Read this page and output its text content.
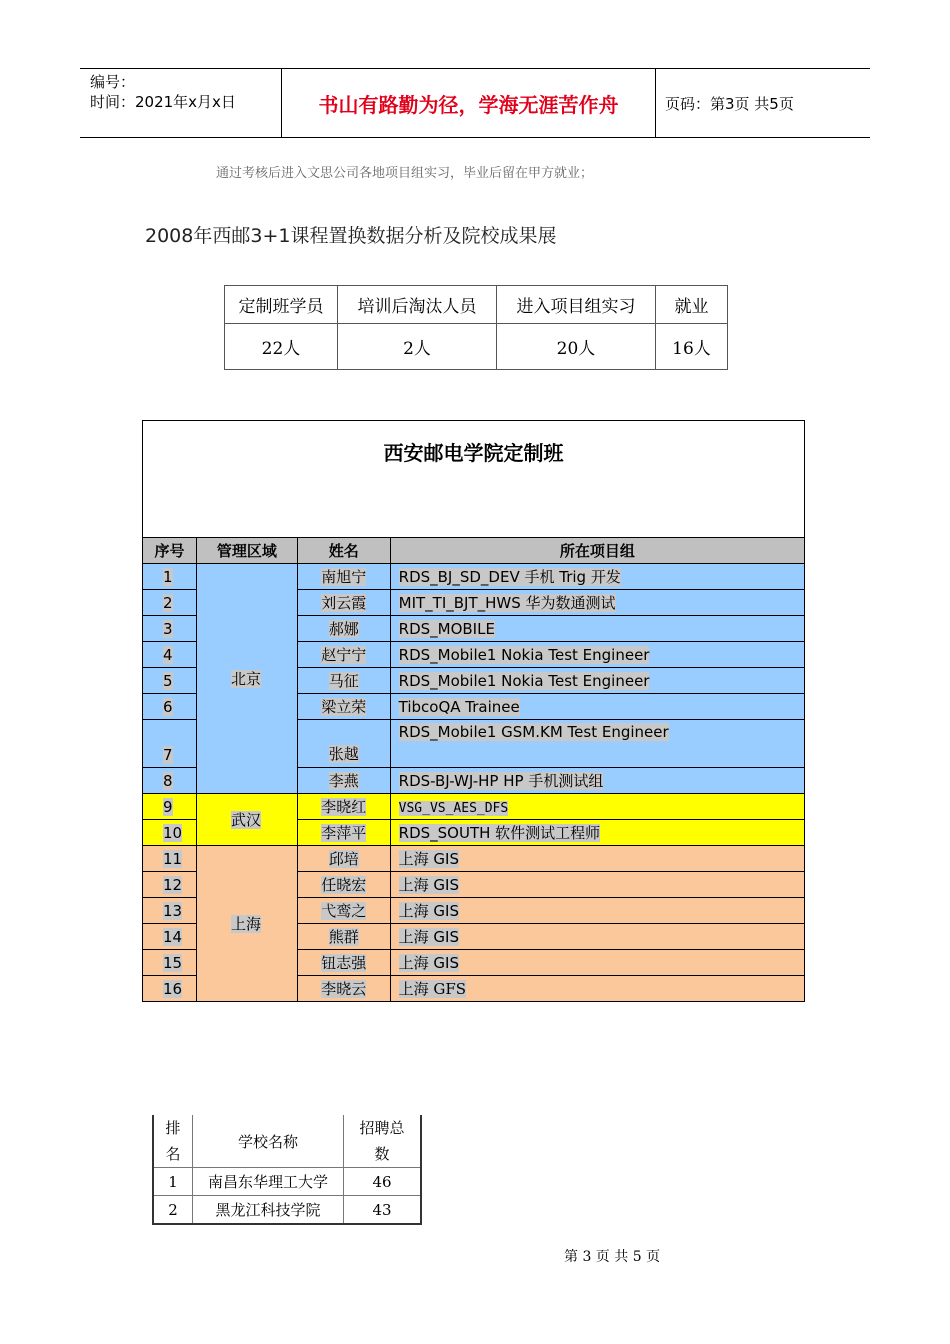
编号：
时间：2021年x月x日	书山有路勤为径，学海无涯苦作舟	页码：第3页 共5页
通过考核后进入文思公司各地项目组实习，毕业后留在甲方就业；
2008年西邮3+1课程置换数据分析及院校成果展
定制班学员	培训后淘汰人员	进入项目组实习	就业
22人	2人	20人	16人
西安邮电学院定制班			
序号	管理区域	姓名	所在项目组
1	北京	南旭宁	RDS_BJ_SD_DEV 手机 Trig 开发
2		刘云霞	MIT_TI_BJT_HWS 华为数通测试
3		郝娜	RDS_MOBILE
4		赵宁宁	RDS_Mobile1 Nokia Test Engineer
5		马征	RDS_Mobile1 Nokia Test Engineer
6		梁立荣	TibcoQA Trainee
7		张越	RDS_Mobile1 GSM.KM Test Engineer
8		李燕	RDS-BJ-WJ-HP HP 手机测试组
9	武汉	李晓红	VSG_VS_AES_DFS
10		李萍平	RDS_SOUTH 软件测试工程师
11	上海	邱培	上海 GIS
12		任晓宏	上海 GIS
13		弋鸾之	上海 GIS
14		熊群	上海 GIS
15		钮志强	上海 GIS
16		李晓云	上海 GFS
排名	学校名称	招聘总数
1	南昌东华理工大学	46
2	黑龙江科技学院	43
第 3 页 共 5 页
